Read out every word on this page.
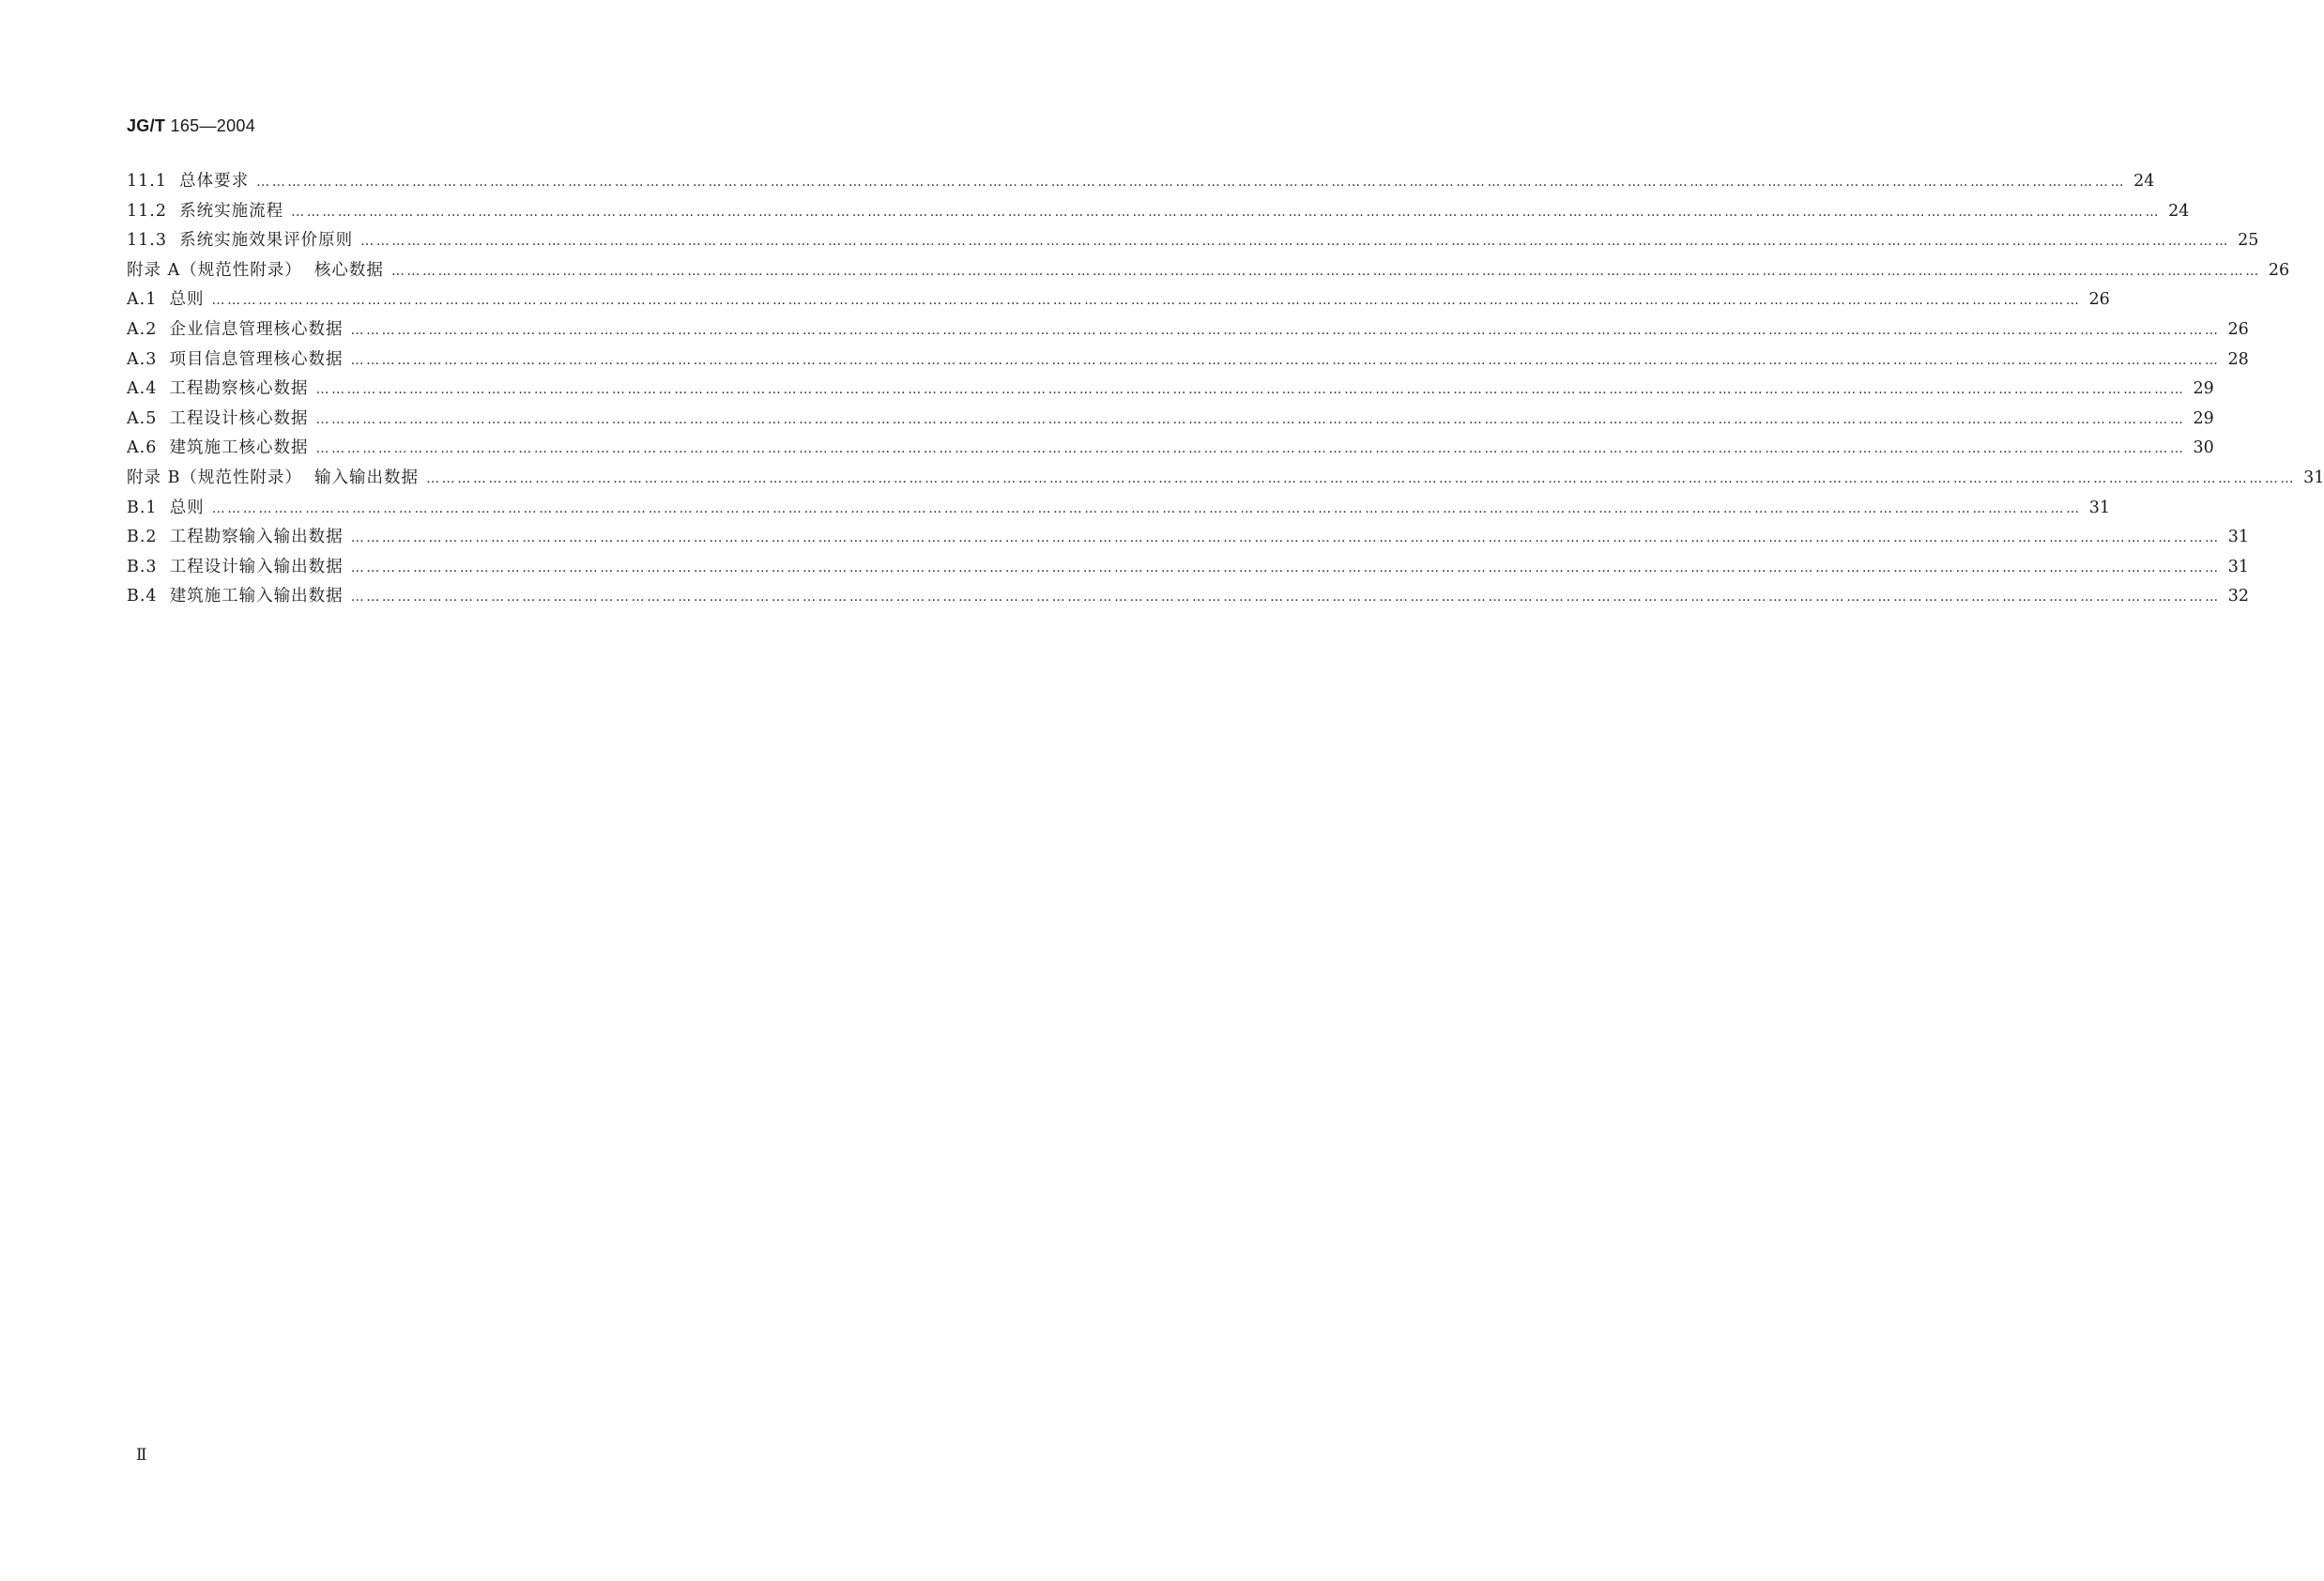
JG/T 165—2004
11.1 总体要求 ……………………………………………………………………………………………………………………………………………………………………………………………………………………………………………………………………………………………………………………………… 24
11.2 系统实施流程 ……………………………………………………………………………………………………………………………………………………………………………………………………………………………………………………………………………………………………………………………… 24
11.3 系统实施效果评价原则 ……………………………………………………………………………………………………………………………………………………………………………………………………………………………………………………………………………………………………………………………… 25
附录 A（规范性附录）  核心数据 ……………………………………………………………………………………………………………………………………………………………………………………………………………………………………………………………………………………………………………………………… 26
A.1 总则 ……………………………………………………………………………………………………………………………………………………………………………………………………………………………………………………………………………………………………………………………… 26
A.2 企业信息管理核心数据 ……………………………………………………………………………………………………………………………………………………………………………………………………………………………………………………………………………………………………………………………… 26
A.3 项目信息管理核心数据 ……………………………………………………………………………………………………………………………………………………………………………………………………………………………………………………………………………………………………………………………… 28
A.4 工程勘察核心数据 ……………………………………………………………………………………………………………………………………………………………………………………………………………………………………………………………………………………………………………………………… 29
A.5 工程设计核心数据 ……………………………………………………………………………………………………………………………………………………………………………………………………………………………………………………………………………………………………………………………… 29
A.6 建筑施工核心数据 ……………………………………………………………………………………………………………………………………………………………………………………………………………………………………………………………………………………………………………………………… 30
附录 B（规范性附录）  输入输出数据 ……………………………………………………………………………………………………………………………………………………………………………………………………………………………………………………………………………………………………………………………… 31
B.1 总则 ……………………………………………………………………………………………………………………………………………………………………………………………………………………………………………………………………………………………………………………………… 31
B.2 工程勘察输入输出数据 ……………………………………………………………………………………………………………………………………………………………………………………………………………………………………………………………………………………………………………………………… 31
B.3 工程设计输入输出数据 ……………………………………………………………………………………………………………………………………………………………………………………………………………………………………………………………………………………………………………………………… 31
B.4 建筑施工输入输出数据 ……………………………………………………………………………………………………………………………………………………………………………………………………………………………………………………………………………………………………………………………… 32
Ⅱ
